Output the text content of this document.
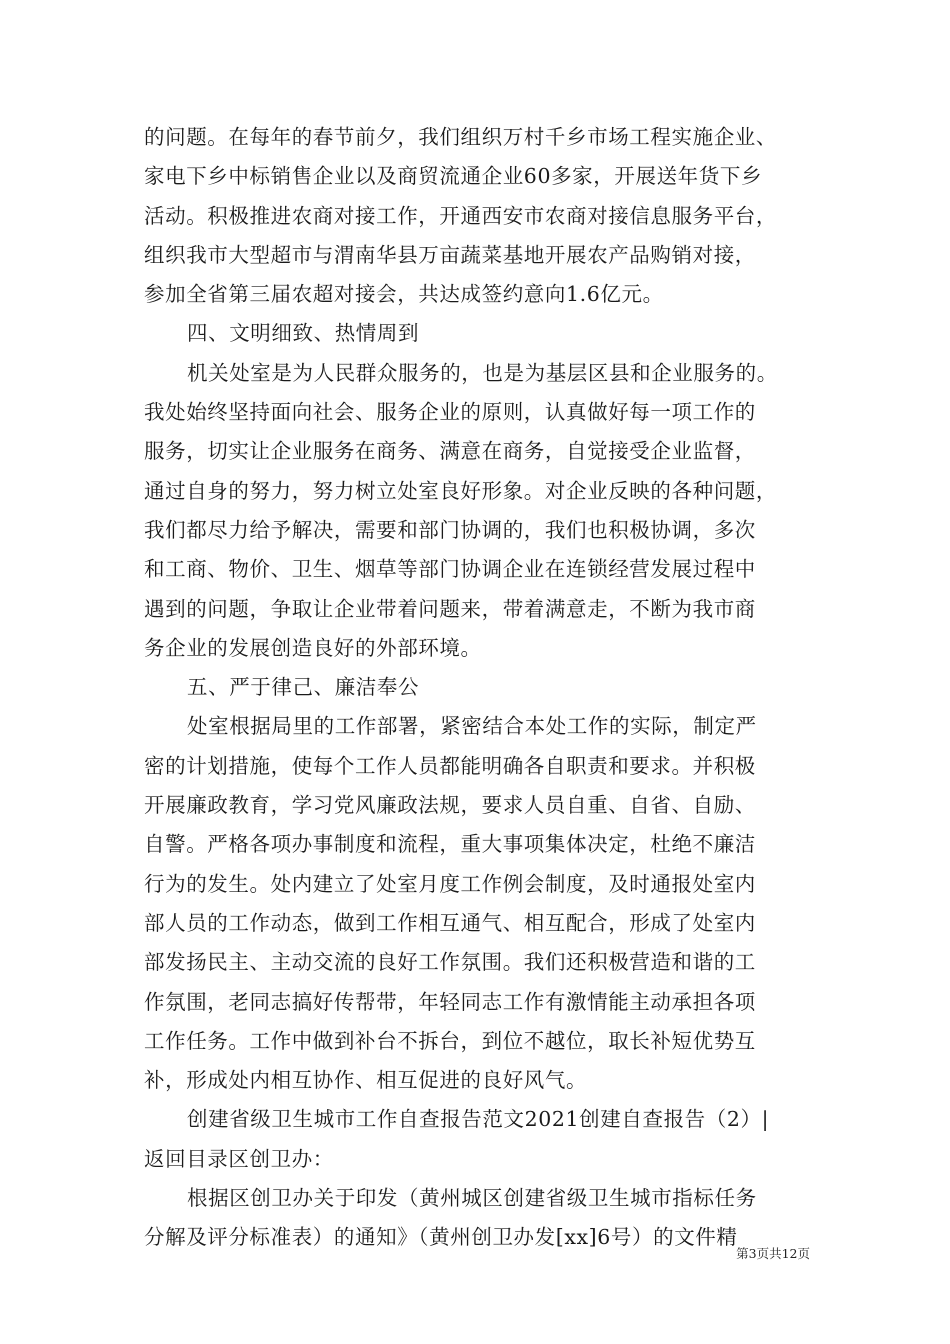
的问题。在每年的春节前夕，我们组织万村千乡市场工程实施企业、
家电下乡中标销售企业以及商贸流通企业60多家，开展送年货下乡
活动。积极推进农商对接工作，开通西安市农商对接信息服务平台，
组织我市大型超市与渭南华县万亩蔬菜基地开展农产品购销对接，
参加全省第三届农超对接会，共达成签约意向1.6亿元。
四、文明细致、热情周到
机关处室是为人民群众服务的，也是为基层区县和企业服务的。
我处始终坚持面向社会、服务企业的原则，认真做好每一项工作的
服务，切实让企业服务在商务、满意在商务，自觉接受企业监督，
通过自身的努力，努力树立处室良好形象。对企业反映的各种问题，
我们都尽力给予解决，需要和部门协调的，我们也积极协调，多次
和工商、物价、卫生、烟草等部门协调企业在连锁经营发展过程中
遇到的问题，争取让企业带着问题来，带着满意走，不断为我市商
务企业的发展创造良好的外部环境。
五、严于律己、廉洁奉公
处室根据局里的工作部署，紧密结合本处工作的实际，制定严
密的计划措施，使每个工作人员都能明确各自职责和要求。并积极
开展廉政教育，学习党风廉政法规，要求人员自重、自省、自励、
自警。严格各项办事制度和流程，重大事项集体决定，杜绝不廉洁
行为的发生。处内建立了处室月度工作例会制度，及时通报处室内
部人员的工作动态，做到工作相互通气、相互配合，形成了处室内
部发扬民主、主动交流的良好工作氛围。我们还积极营造和谐的工
作氛围，老同志搞好传帮带，年轻同志工作有激情能主动承担各项
工作任务。工作中做到补台不拆台，到位不越位，取长补短优势互
补，形成处内相互协作、相互促进的良好风气。
创建省级卫生城市工作自查报告范文2021创建自查报告（2）|
返回目录区创卫办：
根据区创卫办关于印发（黄州城区创建省级卫生城市指标任务
分解及评分标准表）的通知》（黄州创卫办发[xx]6号）的文件精
第3页共12页
